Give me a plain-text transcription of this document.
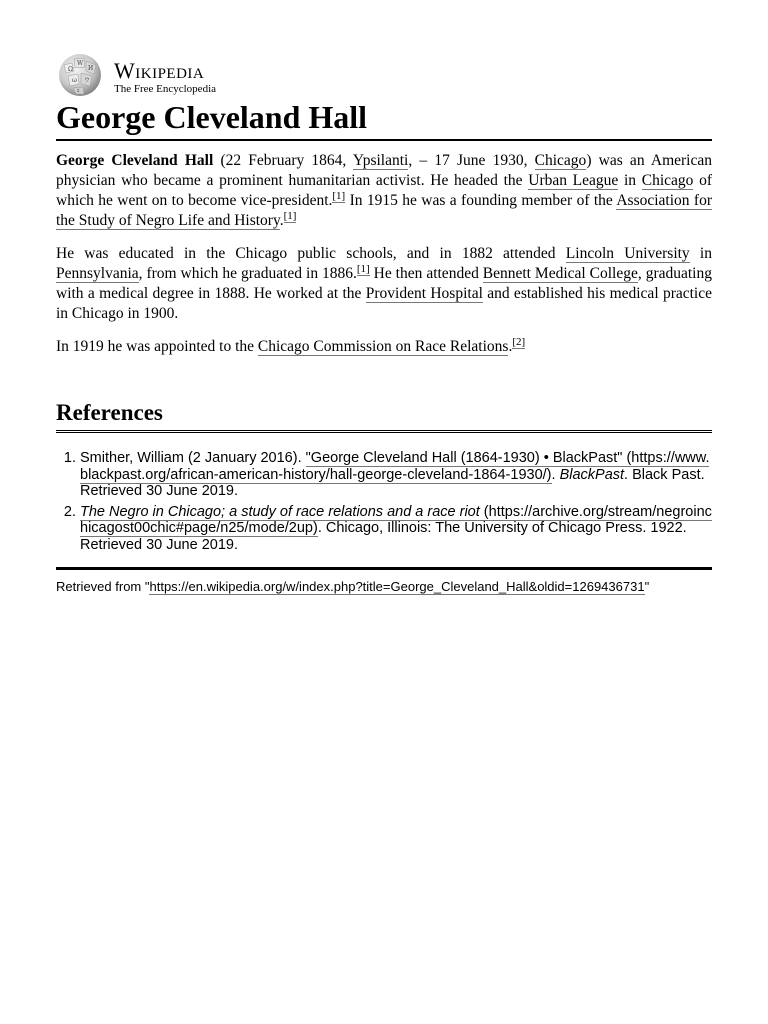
Ω
W
И
ω ウ
ב
Wikipedia
The Free Encyclopedia
George Cleveland Hall

George Cleveland Hall (22 February 1864, Ypsilanti, – 17 June 1930, Chicago) was an American physician who became a prominent humanitarian activist. He headed the Urban League in Chicago of which he went on to become vice-president.[1] In 1915 he was a founding member of the Association for the Study of Negro Life and History.[1]

He was educated in the Chicago public schools, and in 1882 attended Lincoln University in Pennsylvania, from which he graduated in 1886.[1] He then attended Bennett Medical College, graduating with a medical degree in 1888. He worked at the Provident Hospital and established his medical practice in Chicago in 1900.

In 1919 he was appointed to the Chicago Commission on Race Relations.[2]

References
1. Smither, William (2 January 2016). "George Cleveland Hall (1864-1930) • BlackPast" (https://www.blackpast.org/african-american-history/hall-george-cleveland-1864-1930/). BlackPast. Black Past. Retrieved 30 June 2019.
2. The Negro in Chicago; a study of race relations and a race riot (https://archive.org/stream/negroinchicagost00chic#page/n25/mode/2up). Chicago, Illinois: The University of Chicago Press. 1922. Retrieved 30 June 2019.
Retrieved from "https://en.wikipedia.org/w/index.php?title=George_Cleveland_Hall&oldid=1269436731"
